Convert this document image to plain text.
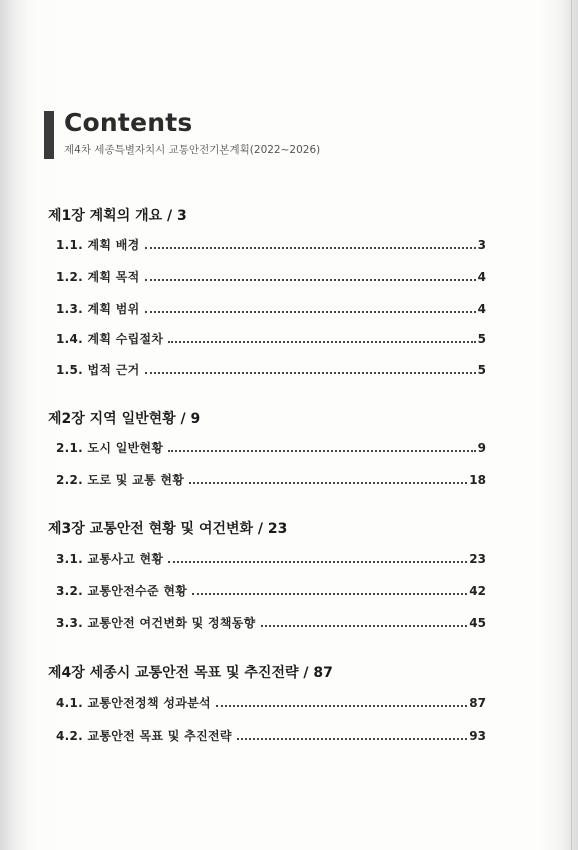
Contents
제4차 세종특별자치시 교통안전기본계획(2022~2026)
제1장 계획의 개요 / 3
1.1. 계획 배경	3
1.2. 계획 목적	4
1.3. 계획 범위	4
1.4. 계획 수립절차	5
1.5. 법적 근거	5
제2장 지역 일반현황 / 9
2.1. 도시 일반현황	9
2.2. 도로 및 교통 현황	18
제3장 교통안전 현황 및 여건변화 / 23
3.1. 교통사고 현황	23
3.2. 교통안전수준 현황	42
3.3. 교통안전 여건변화 및 정책동향	45
제4장 세종시 교통안전 목표 및 추진전략 / 87
4.1. 교통안전정책 성과분석	87
4.2. 교통안전 목표 및 추진전략	93
